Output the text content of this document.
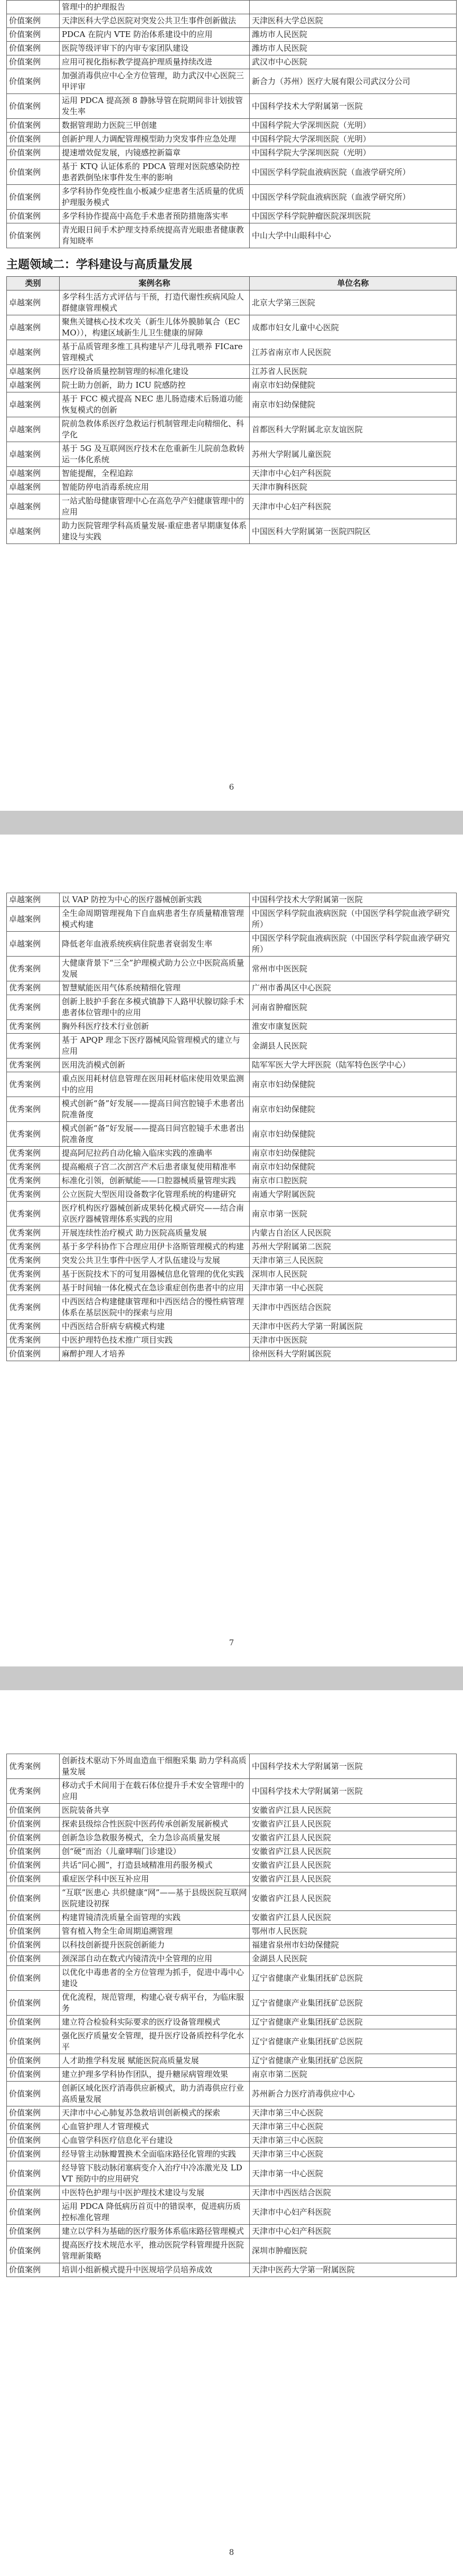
	管理中的护理报告	
价值案例	天津医科大学总医院对突发公共卫生事件创新做法	天津医科大学总医院
价值案例	PDCA 在院内 VTE 防治体系建设中的应用	潍坊市人民医院
价值案例	医院等级评审下的内审专家团队建设	潍坊市人民医院
价值案例	应用可视化指标教学提高护理质量持续改进	武汉市中心医院
价值案例	加强消毒供应中心全方位管理，助力武汉中心医院三甲评审	新合力（苏州）医疗大展有限公司武汉分公司
价值案例	运用 PDCA 提高颈 8 静脉导管在院期间非计划拔管发生率	中国科学技术大学附属第一医院
价值案例	数据管理助力医院三甲创建	中国科学院大学深圳医院（光明）
价值案例	创新护理人力调配管理模型助力突发事件应急处理	中国科学院大学深圳医院（光明）
价值案例	提速增效促发展，内镜感控新篇章	中国科学院大学深圳医院（光明）
价值案例	基于 KTQ 认证体系的 PDCA 管理对医院感染防控患者跌倒坠床事件发生率的影响	中国医学科学院血液病医院（血液学研究所）
价值案例	多学科协作免疫性血小板减少症患者生活质量的优质护理服务模式	中国医学科学院血液病医院（血液学研究所）
价值案例	多学科协作提高中高危手术患者预防措施落实率	中国医学科学院肿瘤医院深圳医院
价值案例	青光眼日间手术护理支持系统提高青光眼患者健康教育知晓率	中山大学中山眼科中心
主题领域二：学科建设与高质量发展
类别	案例名称	单位名称
卓越案例	多学科生活方式评估与干预，打造代谢性疾病风险人群健康管理模式	北京大学第三医院
卓越案例	聚焦关键核心技术攻关（新生儿体外膜肺氧合（ECMO）），构建区域新生儿卫生健康的屏障	成都市妇女儿童中心医院
卓越案例	基于品质管理多维工具构建早产儿母乳喂养 FICare 管理模式	江苏省南京市人民医院
卓越案例	医疗设备质量控制管理的标准化建设	江苏省人民医院
卓越案例	院士助力创新，助力 ICU 院感防控	南京市妇幼保健院
卓越案例	基于 FCC 模式提高 NEC 患儿肠造瘘术后肠道功能恢复模式的创新	南京市妇幼保健院
卓越案例	院前急救体系医疗急救运行机制管理走向精细化、科学化	首都医科大学附属北京友谊医院
卓越案例	基于 5G 及互联网医疗技术在危重新生儿院前急救转运一体化系统	苏州大学附属儿童医院
卓越案例	智能提醒，全程追踪	天津市中心妇产科医院
卓越案例	智能防停电消毒系统应用	天津市胸科医院
卓越案例	一站式胎母健康管理中心在高危孕产妇健康管理中的应用	天津市中心妇产科医院
卓越案例	助力医院管理学科高质量发展-重症患者早期康复体系建设与实践	中国医科大学附属第一医院四院区
6
卓越案例	以 VAP 防控为中心的医疗器械创新实践	中国科学技术大学附属第一医院
卓越案例	全生命周期管理视角下自血病患者生存质量精准管理模式构建	中国医学科学院血液病医院（中国医学科学院血液学研究所）
卓越案例	降低老年血液系统疾病住院患者衰弱发生率	中国医学科学院血液病医院（中国医学科学院血液学研究所）
优秀案例	大健康背景下“三全”护理模式助力公立中医院高质量发展	常州市中医医院
优秀案例	智慧赋能医用气体系统精细化管理	广州市番禺区中心医院
优秀案例	创新上肢护手套在多模式镇静下人路甲状腺切除手术患者体位管理中的应用	河南省肿瘤医院
优秀案例	胸外科医疗技术行业创新	淮安市康复医院
优秀案例	基于 APQP 理念下医疗器械风险管理模式的建立与应用	金湖县人民医院
优秀案例	医用洗消模式创新	陆军军医大学大坪医院（陆军特色医学中心）
优秀案例	重点医用耗材信息管理在医用耗材临床使用效果监测中的应用	南京市妇幼保健院
优秀案例	模式创新“备”好发展——提高日间宫腔镜手术患者出院准备度	南京市妇幼保健院
优秀案例	模式创新“备”好发展——提高日间宫腔镜手术患者出院准备度	南京市妇幼保健院
优秀案例	提高阿尼拉药自动化输入临床实践的准确率	南京市妇幼保健院
优秀案例	提高瘢痕子宫二次剖宫产术后患者康复使用精准率	南京市妇幼保健院
优秀案例	标准化引领，创新赋能——口腔器械质量管理实践	南京市口腔医院
优秀案例	公立医院大型医用设备数字化管理系统的构建研究	南通大学附属医院
优秀案例	医疗机构医疗器械创新成果转化模式研究——结合南京医疗器械管理体系实践的应用	南京市第一医院
优秀案例	开展连续性治疗模式 助力医院高质量发展	内蒙古自治区人民医院
优秀案例	基于多学科协作下合理应用伊卡洛斯管理模式的构建	苏州大学附属第二医院
优秀案例	突发公共卫生事件中医学人才队伍建设与发展	天津市第三人民医院
优秀案例	基于医院技术下的可复用器械信息化管理的优化实践	深圳市人民医院
优秀案例	基于时间轴一体化模式在急诊重症创伤患者中的应用	天津市第一中心医院
优秀案例	中西医结合构建健康管理和中西医结合的慢性病管理体系在基层医院中的探索与应用	天津市中西医结合医院
优秀案例	中西医结合肝病专病模式构建	天津市中医药大学第一附属医院
优秀案例	中医护理特色技术推广项目实践	天津市中医医院
价值案例	麻醉护理人才培养	徐州医科大学附属医院
7
优秀案例	创新技术驱动下外周血造血干细胞采集 助力学科高质量发展	中国科学技术大学附属第一医院
优秀案例	移动式手术间用于在载石体位提升手术安全管理中的应用	中国科学技术大学附属第一医院
价值案例	医院装备共享	安徽省庐江县人民医院
价值案例	探索县级综合性医院中医药传承创新发展新模式	安徽省庐江县人民医院
价值案例	创新急诊急救服务模式，全力急诊高质量发展	安徽省庐江县人民医院
价值案例	创“硬”而治（儿童哮喘门诊建设）	安徽省庐江县人民医院
价值案例	共话“同心圆”，打造县域精准用药服务模式	安徽省庐江县人民医院
价值案例	重症医学科中医互补应用	安徽省庐江县人民医院
价值案例	“互联”医患心 共织健康“网”——基于县级医院互联网医院建设初探	安徽省庐江县人民医院
价值案例	构建胃镜清洗质量全面管理的实践	安徽省庐江县人民医院
价值案例	管有植入物全生命周期追溯管理	鄂州市人民医院
价值案例	以科技创新提升医院创新能力	福建省泉州市妇幼保健院
价值案例	颈深部自动在数式内镜清洗中全管理的应用	金湖县人民医院
价值案例	以优化中毒患者的全方位管理为抓手，促进中毒中心建设	辽宁省健康产业集团抚矿总医院
价值案例	优化流程，规范管理，构建心衰专病平台，为临床服务	辽宁省健康产业集团抚矿总医院
价值案例	建立符合检验科实际要求的医疗设备管理模式	辽宁省健康产业集团抚矿总医院
价值案例	强化医疗质量安全管理，提升医疗设备质控科学化水平	辽宁省健康产业集团抚矿总医院
价值案例	人才助推学科发展 赋能医院高质量发展	辽宁省健康产业集团抚矿总医院
价值案例	建立护理多学科协作团队，提升糖尿病管理效果	南京市第二医院
价值案例	创新区域化医疗消毒供应新模式，助力消毒供应行业高质量发展	苏州新合力医疗消毒供应中心
价值案例	天津市中心心肺复苏急救培训创新模式的探索	天津市第三中心医院
价值案例	心血管护理人才管理模式	天津市第三中心医院
价值案例	心血管学科医疗信息化平台建设	天津市第三中心医院
价值案例	经导管主动脉瓣置换术全面临床路径化管理的实践	天津市第三中心医院
价值案例	经导管下肢动脉闭塞病变介入治疗中冷冻激光及 LDVT 预防中的应用研究	天津市第一中心医院
价值案例	中医特色护理与中医护理技术建设与发展	天津市中西医结合医院
价值案例	运用 PDCA 降低病历首页中的错误率，促进病历质控标准化管理	天津市中心妇产科医院
价值案例	建立以学科为基础的医疗服务体系临床路径管理模式	天津市中心妇产科医院
价值案例	提高医疗技术规范水平，推动医院学科管理提升医院管理新策略	深圳市肿瘤医院
价值案例	培训小组新模式提升中医规培学员培养成效	天津中医药大学第一附属医院
8
